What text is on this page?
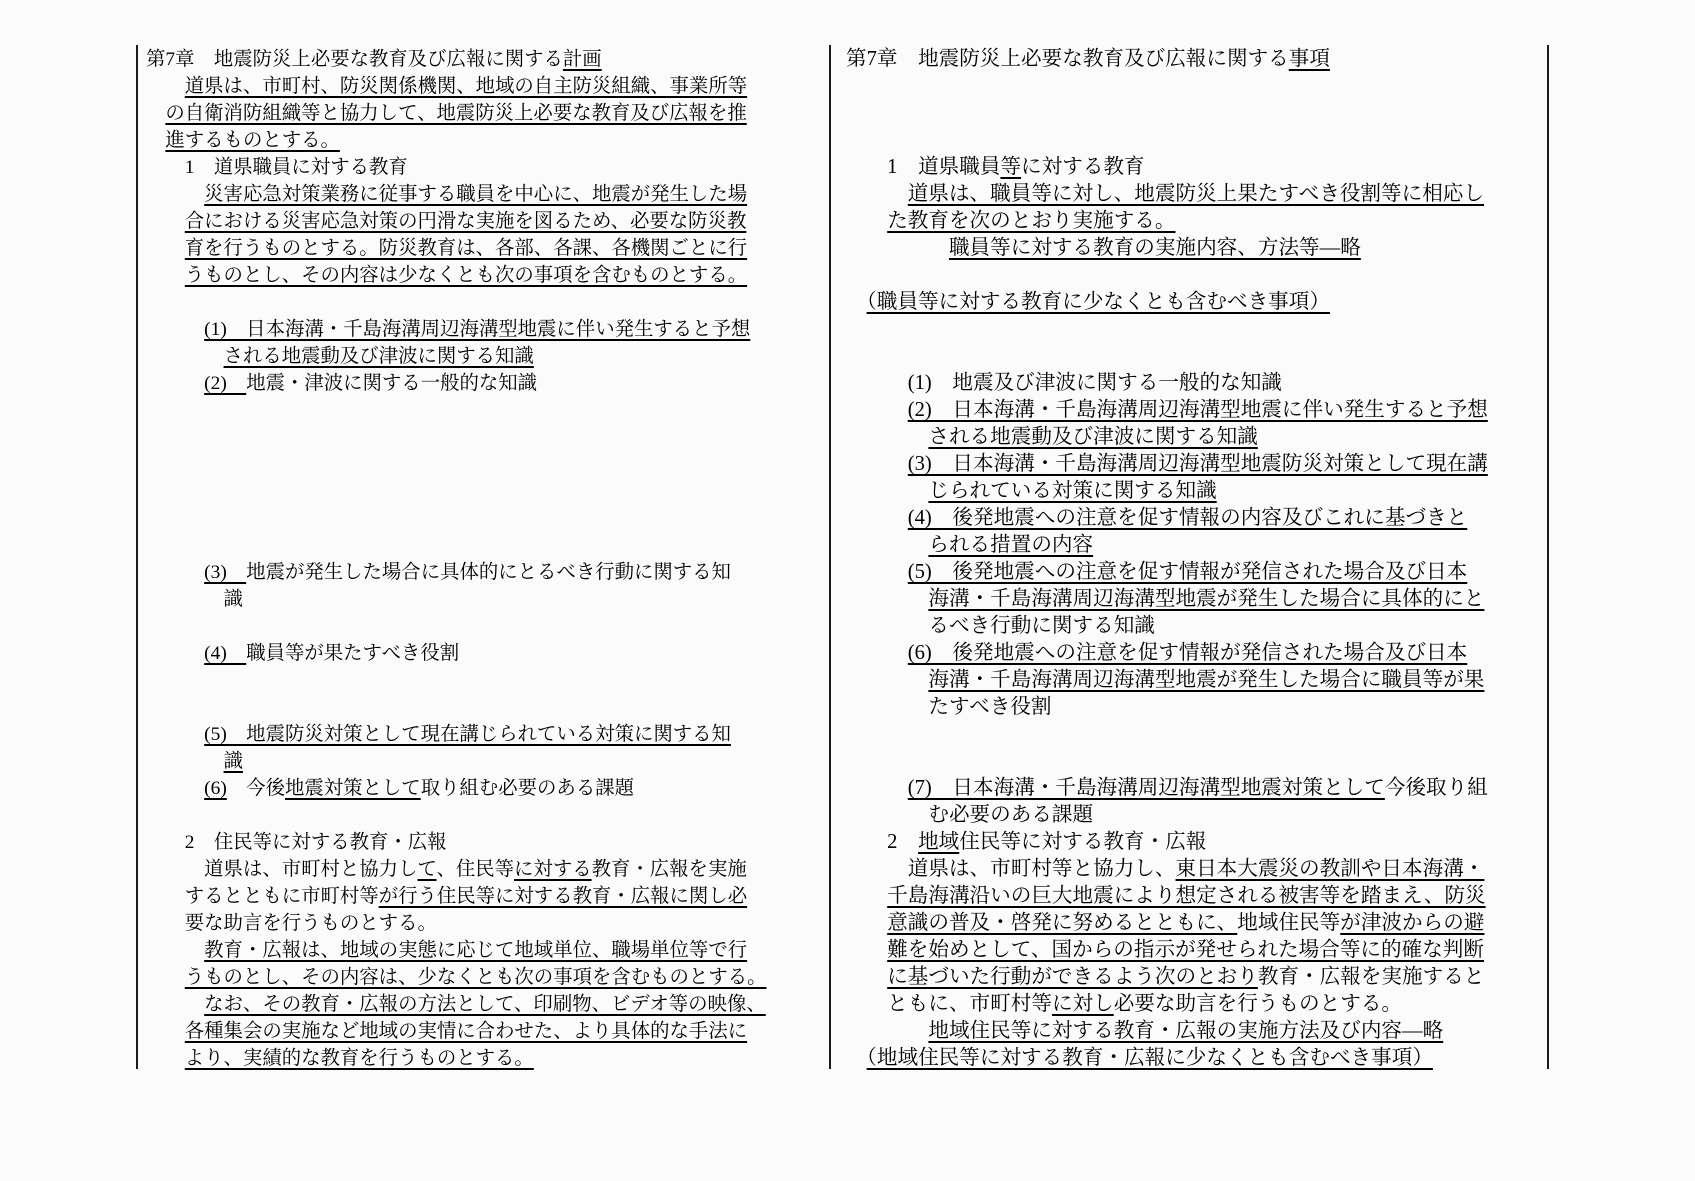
第7章　地震防災上必要な教育及び広報に関する計画
　　道県は、市町村、防災関係機関、地域の自主防災組織、事業所等
　の自衛消防組織等と協力して、地震防災上必要な教育及び広報を推
　進するものとする。
　　1　道県職員に対する教育
　　　災害応急対策業務に従事する職員を中心に、地震が発生した場
　　合における災害応急対策の円滑な実施を図るため、必要な防災教
　　育を行うものとする。防災教育は、各部、各課、各機関ごとに行
　　うものとし、その内容は少なくとも次の事項を含むものとする。
　　　(1)　日本海溝・千島海溝周辺海溝型地震に伴い発生すると予想
　　　　される地震動及び津波に関する知識
　　　(2)　地震・津波に関する一般的な知識
　　　(3)　地震が発生した場合に具体的にとるべき行動に関する知
　　　　識
　　　(4)　職員等が果たすべき役割
　　　(5)　地震防災対策として現在講じられている対策に関する知
　　　　識
　　　(6)　今後地震対策として取り組む必要のある課題
　　2　住民等に対する教育・広報
　　　道県は、市町村と協力して、住民等に対する教育・広報を実施
　　するとともに市町村等が行う住民等に対する教育・広報に関し必
　　要な助言を行うものとする。
　　　教育・広報は、地域の実態に応じて地域単位、職場単位等で行
　　うものとし、その内容は、少なくとも次の事項を含むものとする。
　　　なお、その教育・広報の方法として、印刷物、ビデオ等の映像、
　　各種集会の実施など地域の実情に合わせた、より具体的な手法に
　　より、実績的な教育を行うものとする。
第7章　地震防災上必要な教育及び広報に関する事項
　　1　道県職員等に対する教育
　　　道県は、職員等に対し、地震防災上果たすべき役割等に相応し
　　た教育を次のとおり実施する。
　　　　　職員等に対する教育の実施内容、方法等―略
　（職員等に対する教育に少なくとも含むべき事項）
　　　(1)　地震及び津波に関する一般的な知識
　　　(2)　日本海溝・千島海溝周辺海溝型地震に伴い発生すると予想
　　　　される地震動及び津波に関する知識
　　　(3)　日本海溝・千島海溝周辺海溝型地震防災対策として現在講
　　　　じられている対策に関する知識
　　　(4)　後発地震への注意を促す情報の内容及びこれに基づきと
　　　　られる措置の内容
　　　(5)　後発地震への注意を促す情報が発信された場合及び日本
　　　　海溝・千島海溝周辺海溝型地震が発生した場合に具体的にと
　　　　るべき行動に関する知識
　　　(6)　後発地震への注意を促す情報が発信された場合及び日本
　　　　海溝・千島海溝周辺海溝型地震が発生した場合に職員等が果
　　　　たすべき役割
　　　(7)　日本海溝・千島海溝周辺海溝型地震対策として今後取り組
　　　　む必要のある課題
　　2　地域住民等に対する教育・広報
　　　道県は、市町村等と協力し、東日本大震災の教訓や日本海溝・
　　千島海溝沿いの巨大地震により想定される被害等を踏まえ、防災
　　意識の普及・啓発に努めるとともに、地域住民等が津波からの避
　　難を始めとして、国からの指示が発せられた場合等に的確な判断
　　に基づいた行動ができるよう次のとおり教育・広報を実施すると
　　ともに、市町村等に対し必要な助言を行うものとする。
　　　　地域住民等に対する教育・広報の実施方法及び内容―略
　（地域住民等に対する教育・広報に少なくとも含むべき事項）
